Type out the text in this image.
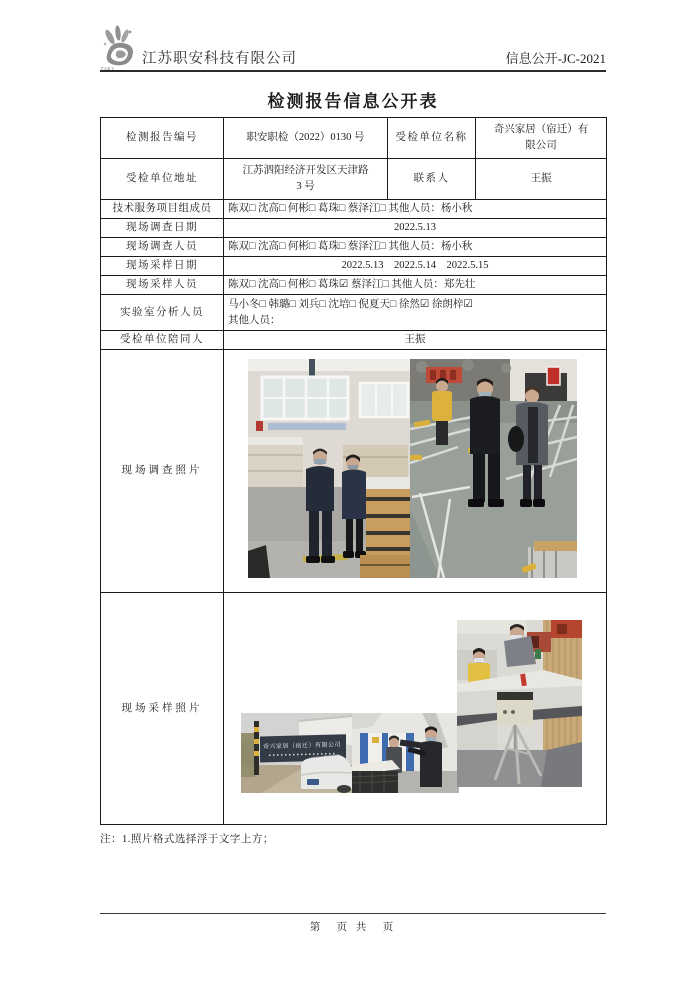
江苏职安科技有限公司	信息公开-JC-2021
检测报告信息公开表
检测报告编号	职安职检（2022）0130 号	受检单位名称	奇兴家居（宿迁）有
限公司

受检单位地址	江苏泗阳经济开发区天津路
3 号	联系人	王振
技术服务项目组成员	陈双□ 沈高□ 何彬□ 葛珠□ 蔡泽江□ 其他人员：杨小秋		
现场调查日期	2022.5.13		
现场调查人员	陈双□ 沈高□ 何彬□ 葛珠□ 蔡泽江□ 其他人员：杨小秋		
现场采样日期	2022.5.13　2022.5.14　2022.5.15		
现场采样人员	陈双□ 沈高□ 何彬□ 葛珠☑ 蔡泽江□ 其他人员：郑先壮		
实验室分析人员	马小冬□ 韩璐□ 刘兵□ 沈培□ 倪夏天□ 徐然☑ 徐朗梓☑
其他人员：		

受检单位陪同人	王振		
现场调查照片	

现场采样照片	奇兴家居（宿迁）有限公司		
注：1.照片格式选择浮于文字上方；
第　页 共　页
